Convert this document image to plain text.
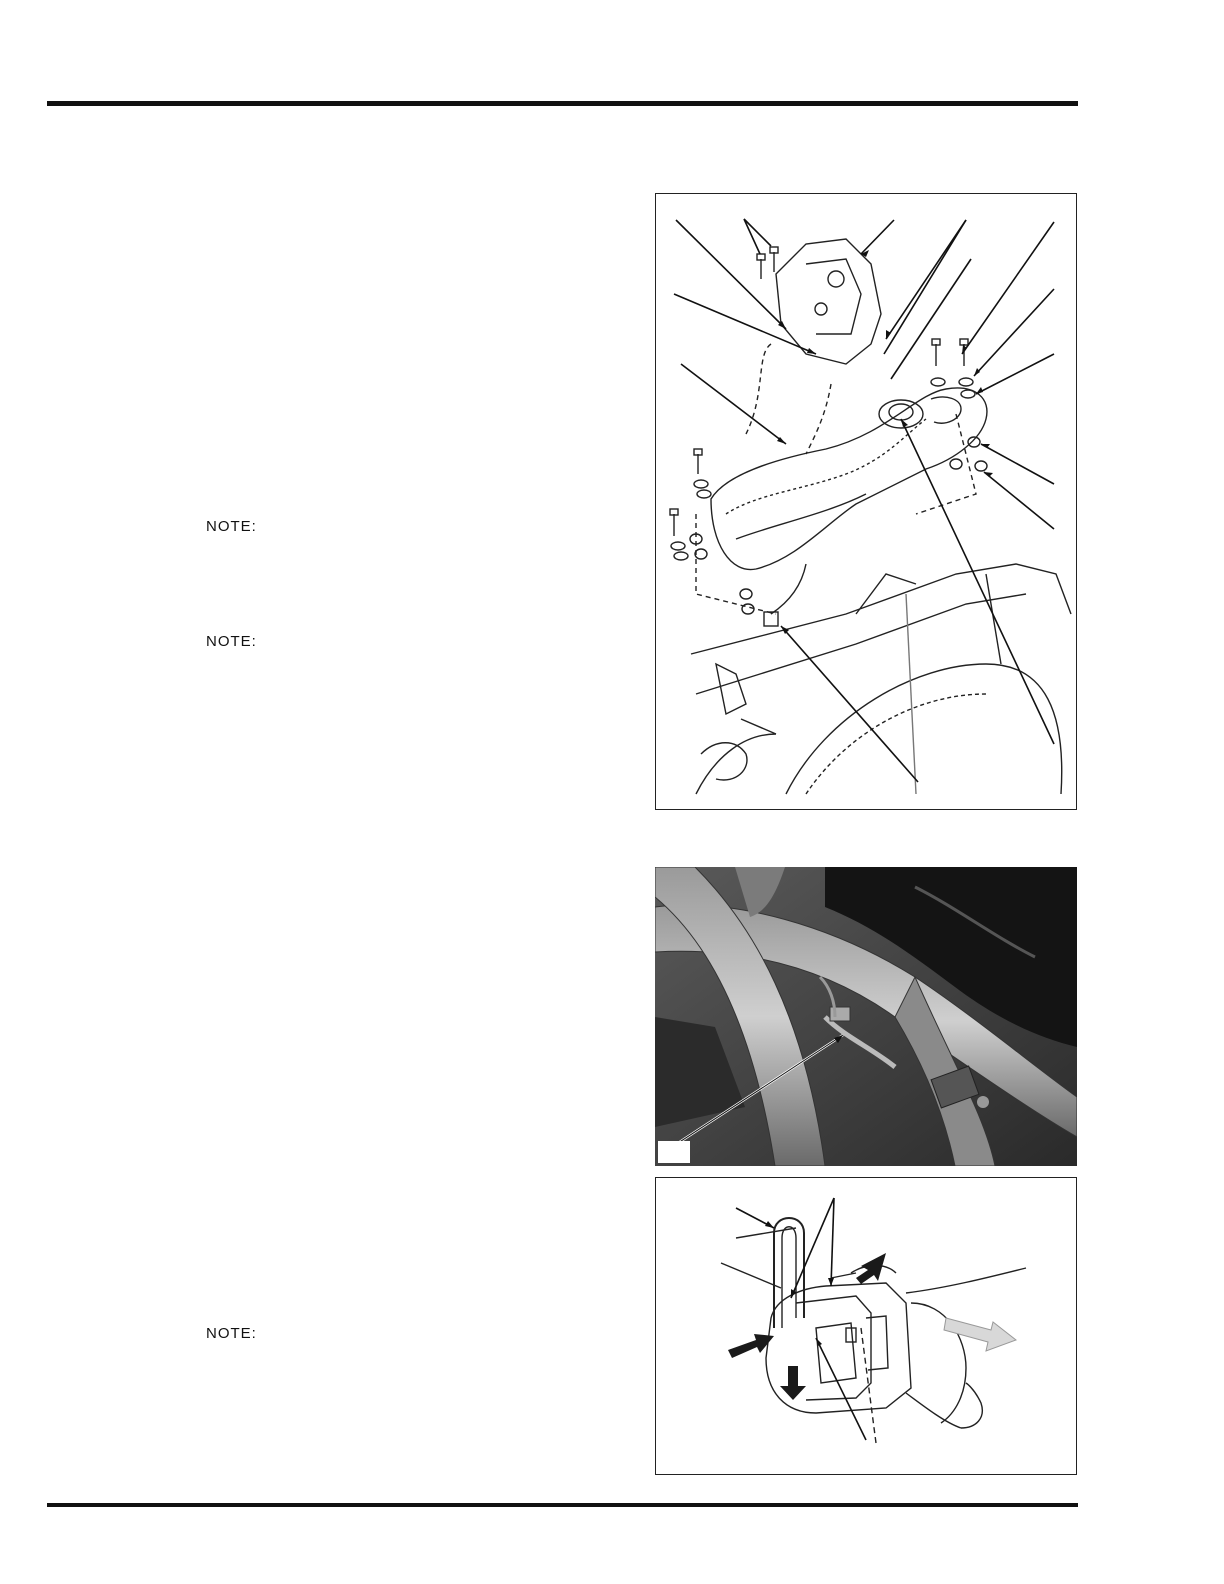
NOTE:
NOTE:
NOTE:
